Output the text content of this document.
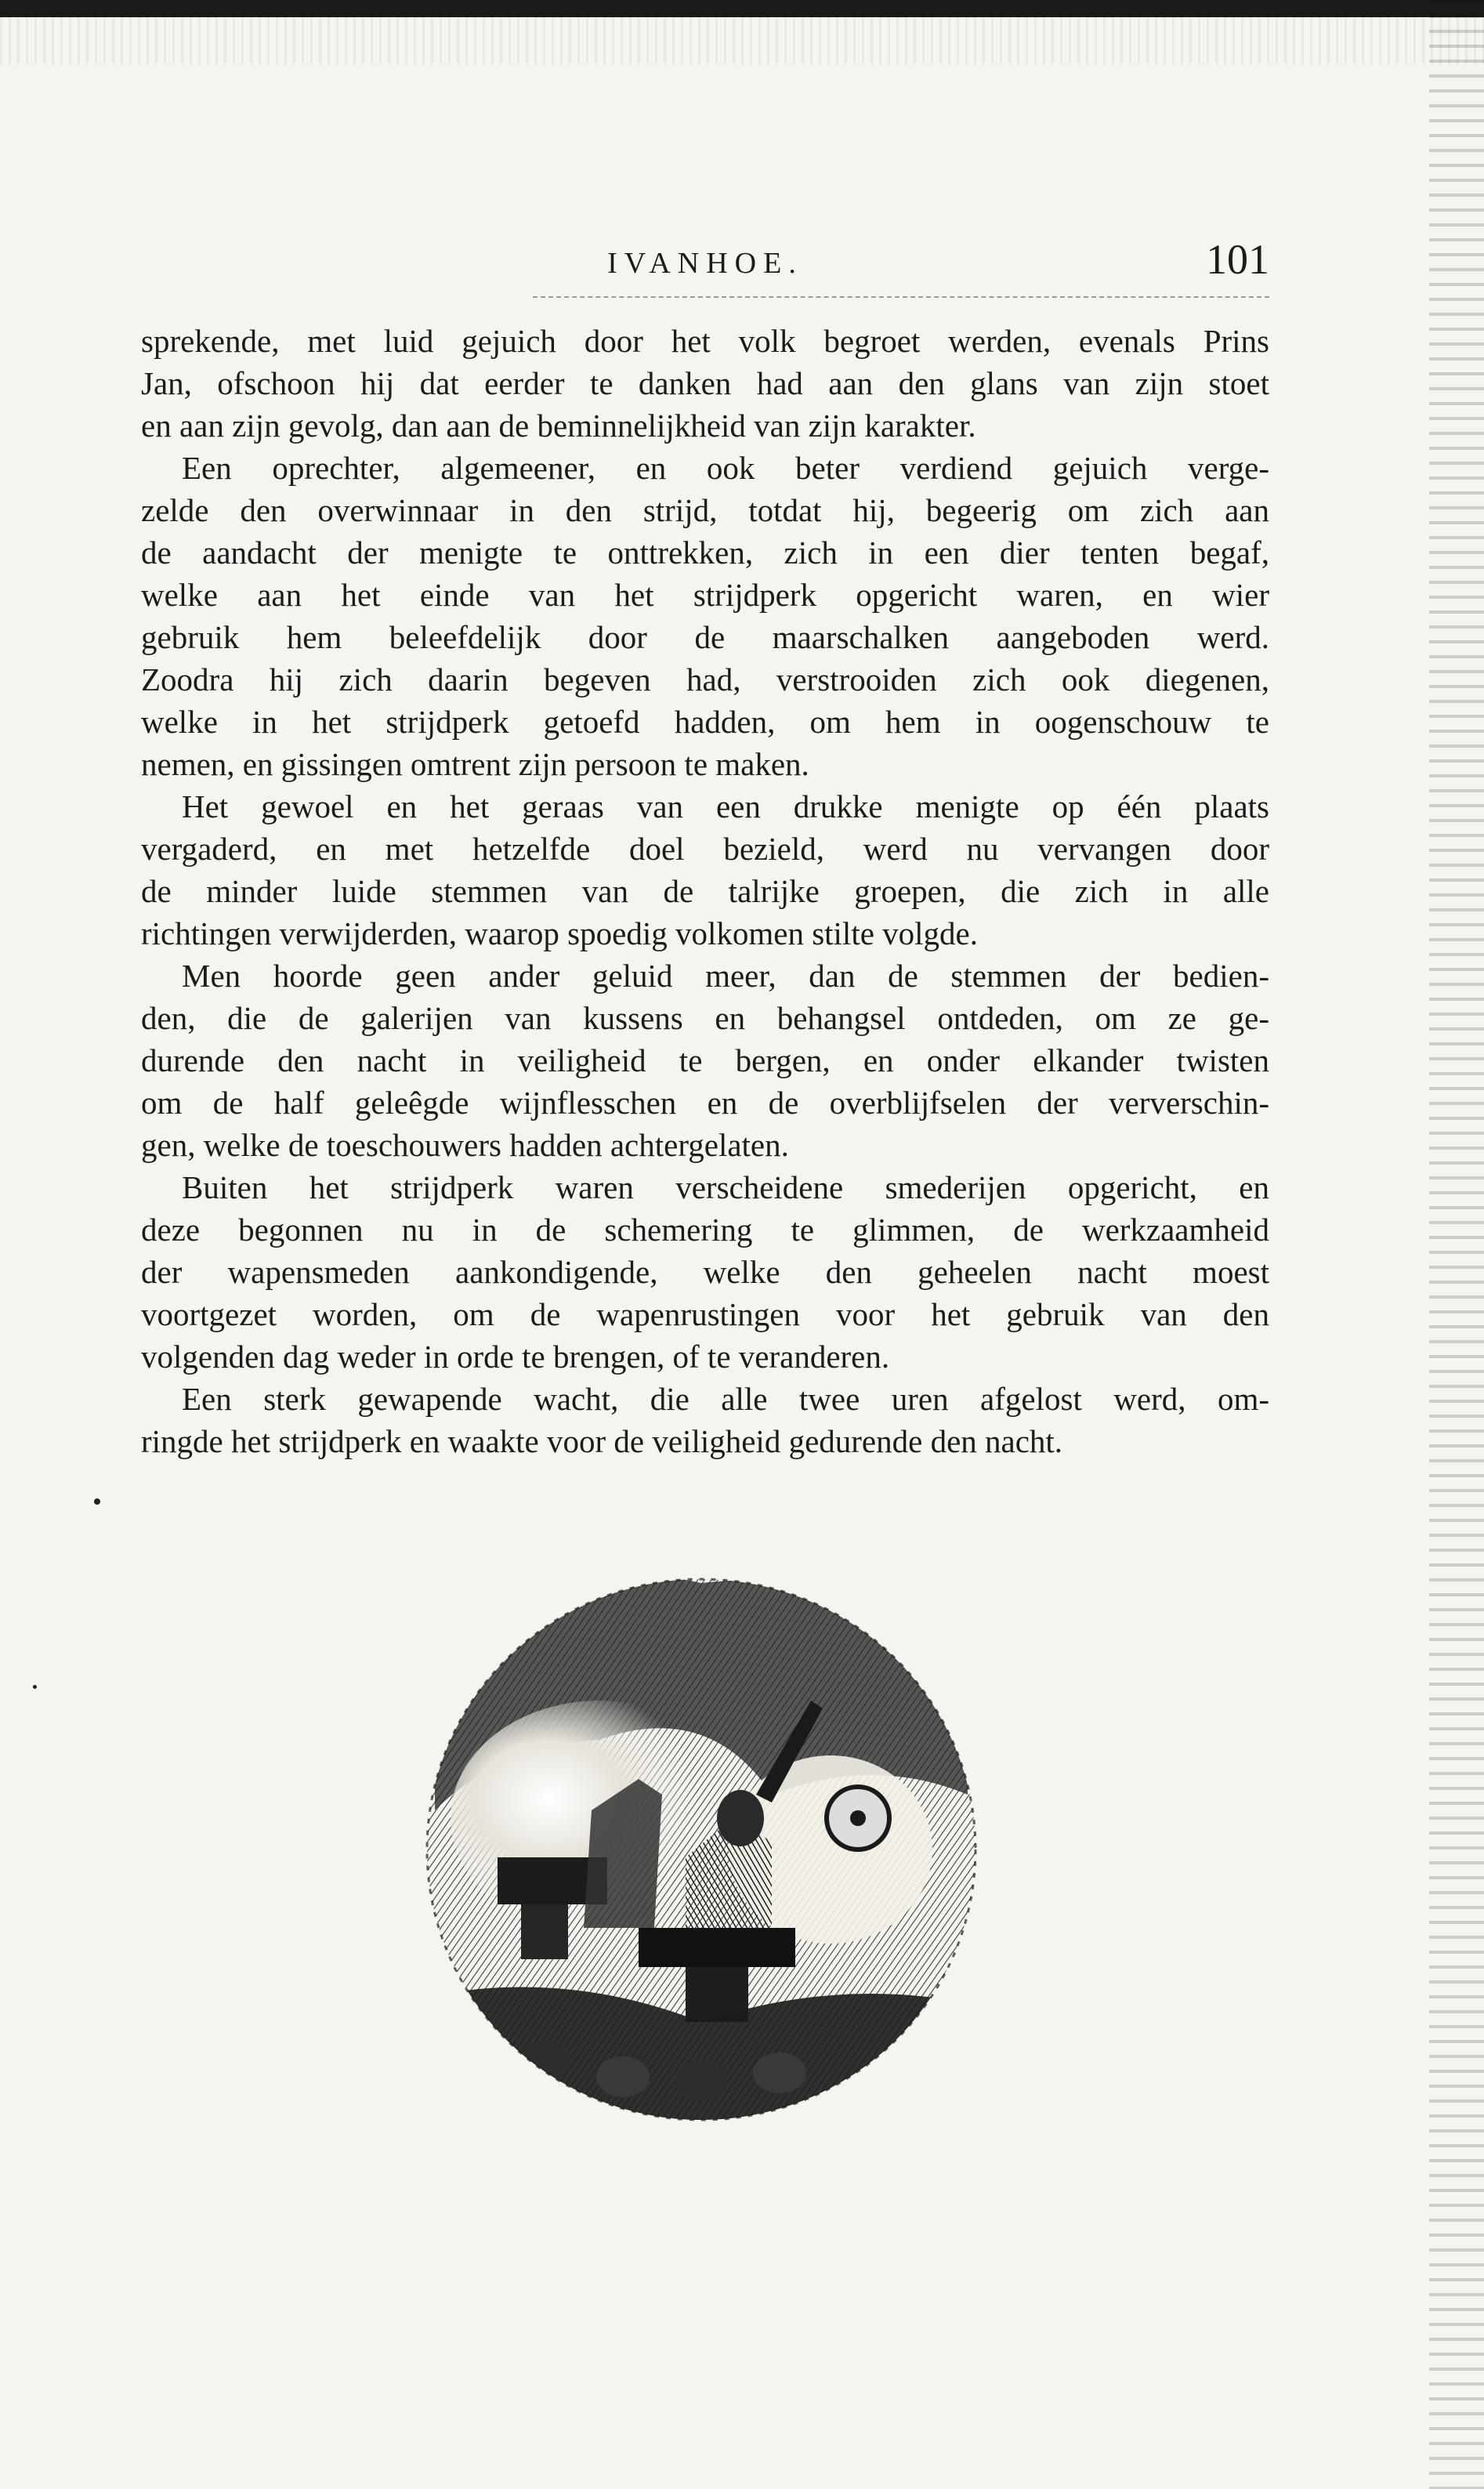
IVANHOE.	101
sprekende, met luid gejuich door het volk begroet werden, evenals Prins
Jan, ofschoon hij dat eerder te danken had aan den glans van zijn stoet
en aan zijn gevolg, dan aan de beminnelijkheid van zijn karakter.
Een oprechter, algemeener, en ook beter verdiend gejuich verge-
zelde den overwinnaar in den strijd, totdat hij, begeerig om zich aan
de aandacht der menigte te onttrekken, zich in een dier tenten begaf,
welke aan het einde van het strijdperk opgericht waren, en wier
gebruik hem beleefdelijk door de maarschalken aangeboden werd.
Zoodra hij zich daarin begeven had, verstrooiden zich ook diegenen,
welke in het strijdperk getoefd hadden, om hem in oogenschouw te
nemen, en gissingen omtrent zijn persoon te maken.
Het gewoel en het geraas van een drukke menigte op één plaats
vergaderd, en met hetzelfde doel bezield, werd nu vervangen door
de minder luide stemmen van de talrijke groepen, die zich in alle
richtingen verwijderden, waarop spoedig volkomen stilte volgde.
Men hoorde geen ander geluid meer, dan de stemmen der bedien-
den, die de galerijen van kussens en behangsel ontdeden, om ze ge-
durende den nacht in veiligheid te bergen, en onder elkander twisten
om de half geleêgde wijnflesschen en de overblijfselen der ververschin-
gen, welke de toeschouwers hadden achtergelaten.
Buiten het strijdperk waren verscheidene smederijen opgericht, en
deze begonnen nu in de schemering te glimmen, de werkzaamheid
der wapensmeden aankondigende, welke den geheelen nacht moest
voortgezet worden, om de wapenrustingen voor het gebruik van den
volgenden dag weder in orde te brengen, of te veranderen.
Een sterk gewapende wacht, die alle twee uren afgelost werd, om-
ringde het strijdperk en waakte voor de veiligheid gedurende den nacht.
